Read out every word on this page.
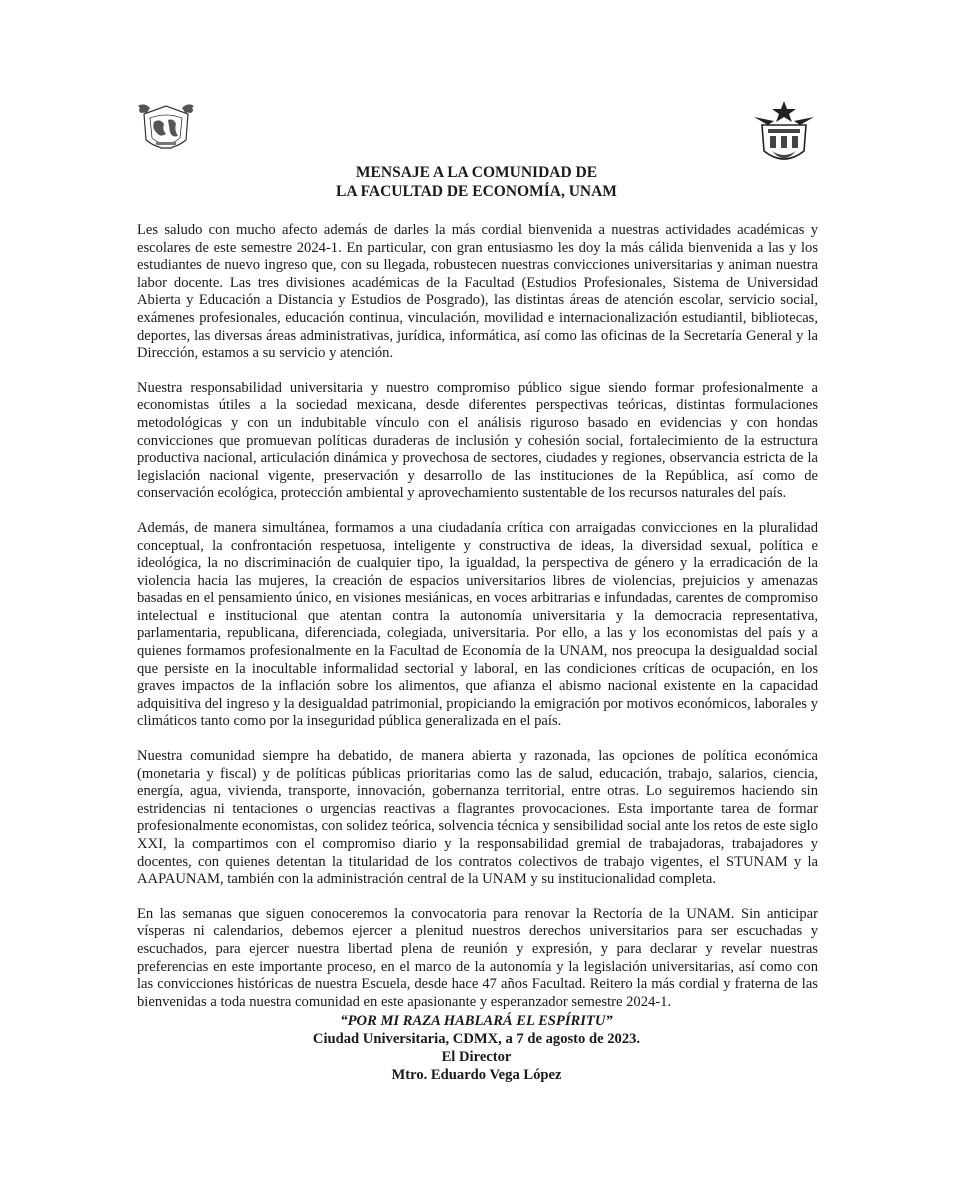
MENSAJE A LA COMUNIDAD DE
LA FACULTAD DE ECONOMÍA, UNAM

Les saludo con mucho afecto además de darles la más cordial bienvenida a nuestras actividades académicas y escolares de este semestre 2024-1. En particular, con gran entusiasmo les doy la más cálida bienvenida a las y los estudiantes de nuevo ingreso que, con su llegada, robustecen nuestras convicciones universitarias y animan nuestra labor docente. Las tres divisiones académicas de la Facultad (Estudios Profesionales, Sistema de Universidad Abierta y Educación a Distancia y Estudios de Posgrado), las distintas áreas de atención escolar, servicio social, exámenes profesionales, educación continua, vinculación, movilidad e internacionalización estudiantil, bibliotecas, deportes, las diversas áreas administrativas, jurídica, informática, así como las oficinas de la Secretaría General y la Dirección, estamos a su servicio y atención.

Nuestra responsabilidad universitaria y nuestro compromiso público sigue siendo formar profesionalmente a economistas útiles a la sociedad mexicana, desde diferentes perspectivas teóricas, distintas formulaciones metodológicas y con un indubitable vínculo con el análisis riguroso basado en evidencias y con hondas convicciones que promuevan políticas duraderas de inclusión y cohesión social, fortalecimiento de la estructura productiva nacional, articulación dinámica y provechosa de sectores, ciudades y regiones, observancia estricta de la legislación nacional vigente, preservación y desarrollo de las instituciones de la República, así como de conservación ecológica, protección ambiental y aprovechamiento sustentable de los recursos naturales del país.

Además, de manera simultánea, formamos a una ciudadanía crítica con arraigadas convicciones en la pluralidad conceptual, la confrontación respetuosa, inteligente y constructiva de ideas, la diversidad sexual, política e ideológica, la no discriminación de cualquier tipo, la igualdad, la perspectiva de género y la erradicación de la violencia hacia las mujeres, la creación de espacios universitarios libres de violencias, prejuicios y amenazas basadas en el pensamiento único, en visiones mesiánicas, en voces arbitrarias e infundadas, carentes de compromiso intelectual e institucional que atentan contra la autonomía universitaria y la democracia representativa, parlamentaria, republicana, diferenciada, colegiada, universitaria. Por ello, a las y los economistas del país y a quienes formamos profesionalmente en la Facultad de Economía de la UNAM, nos preocupa la desigualdad social que persiste en la inocultable informalidad sectorial y laboral, en las condiciones críticas de ocupación, en los graves impactos de la inflación sobre los alimentos, que afianza el abismo nacional existente en la capacidad adquisitiva del ingreso y la desigualdad patrimonial, propiciando la emigración por motivos económicos, laborales y climáticos tanto como por la inseguridad pública generalizada en el país.

Nuestra comunidad siempre ha debatido, de manera abierta y razonada, las opciones de política económica (monetaria y fiscal) y de políticas públicas prioritarias como las de salud, educación, trabajo, salarios, ciencia, energía, agua, vivienda, transporte, innovación, gobernanza territorial, entre otras. Lo seguiremos haciendo sin estridencias ni tentaciones o urgencias reactivas a flagrantes provocaciones. Esta importante tarea de formar profesionalmente economistas, con solidez teórica, solvencia técnica y sensibilidad social ante los retos de este siglo XXI, la compartimos con el compromiso diario y la responsabilidad gremial de trabajadoras, trabajadores y docentes, con quienes detentan la titularidad de los contratos colectivos de trabajo vigentes, el STUNAM y la AAPAUNAM, también con la administración central de la UNAM y su institucionalidad completa.

En las semanas que siguen conoceremos la convocatoria para renovar la Rectoría de la UNAM. Sin anticipar vísperas ni calendarios, debemos ejercer a plenitud nuestros derechos universitarios para ser escuchadas y escuchados, para ejercer nuestra libertad plena de reunión y expresión, y para declarar y revelar nuestras preferencias en este importante proceso, en el marco de la autonomía y la legislación universitarias, así como con las convicciones históricas de nuestra Escuela, desde hace 47 años Facultad. Reitero la más cordial y fraterna de las bienvenidas a toda nuestra comunidad en este apasionante y esperanzador semestre 2024-1.

“POR MI RAZA HABLARÁ EL ESPÍRITU”
Ciudad Universitaria, CDMX, a 7 de agosto de 2023.
El Director
Mtro. Eduardo Vega López
